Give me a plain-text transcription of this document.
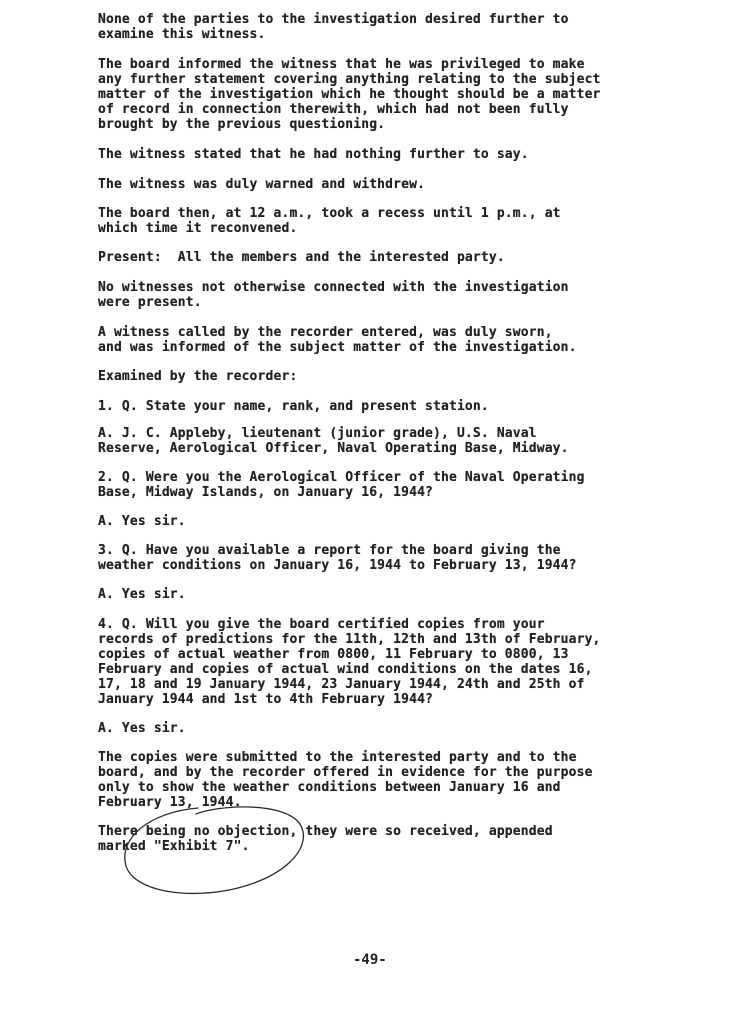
None of the parties to the investigation desired further to
examine this witness.

The board informed the witness that he was privileged to make
any further statement covering anything relating to the subject
matter of the investigation which he thought should be a matter
of record in connection therewith, which had not been fully
brought by the previous questioning.

The witness stated that he had nothing further to say.

The witness was duly warned and withdrew.

The board then, at 12 a.m., took a recess until 1 p.m., at
which time it reconvened.

Present:  All the members and the interested party.

No witnesses not otherwise connected with the investigation
were present.

A witness called by the recorder entered, was duly sworn,
and was informed of the subject matter of the investigation.

Examined by the recorder:

1. Q. State your name, rank, and present station.

A. J. C. Appleby, lieutenant (junior grade), U.S. Naval
Reserve, Aerological Officer, Naval Operating Base, Midway.

2. Q. Were you the Aerological Officer of the Naval Operating
Base, Midway Islands, on January 16, 1944?

A. Yes sir.

3. Q. Have you available a report for the board giving the
weather conditions on January 16, 1944 to February 13, 1944?

A. Yes sir.

4. Q. Will you give the board certified copies from your
records of predictions for the 11th, 12th and 13th of February,
copies of actual weather from 0800, 11 February to 0800, 13
February and copies of actual wind conditions on the dates 16,
17, 18 and 19 January 1944, 23 January 1944, 24th and 25th of
January 1944 and 1st to 4th February 1944?

A. Yes sir.

The copies were submitted to the interested party and to the
board, and by the recorder offered in evidence for the purpose
only to show the weather conditions between January 16 and
February 13, 1944.

There being no objection, they were so received, appended
marked "Exhibit 7".

-49-
